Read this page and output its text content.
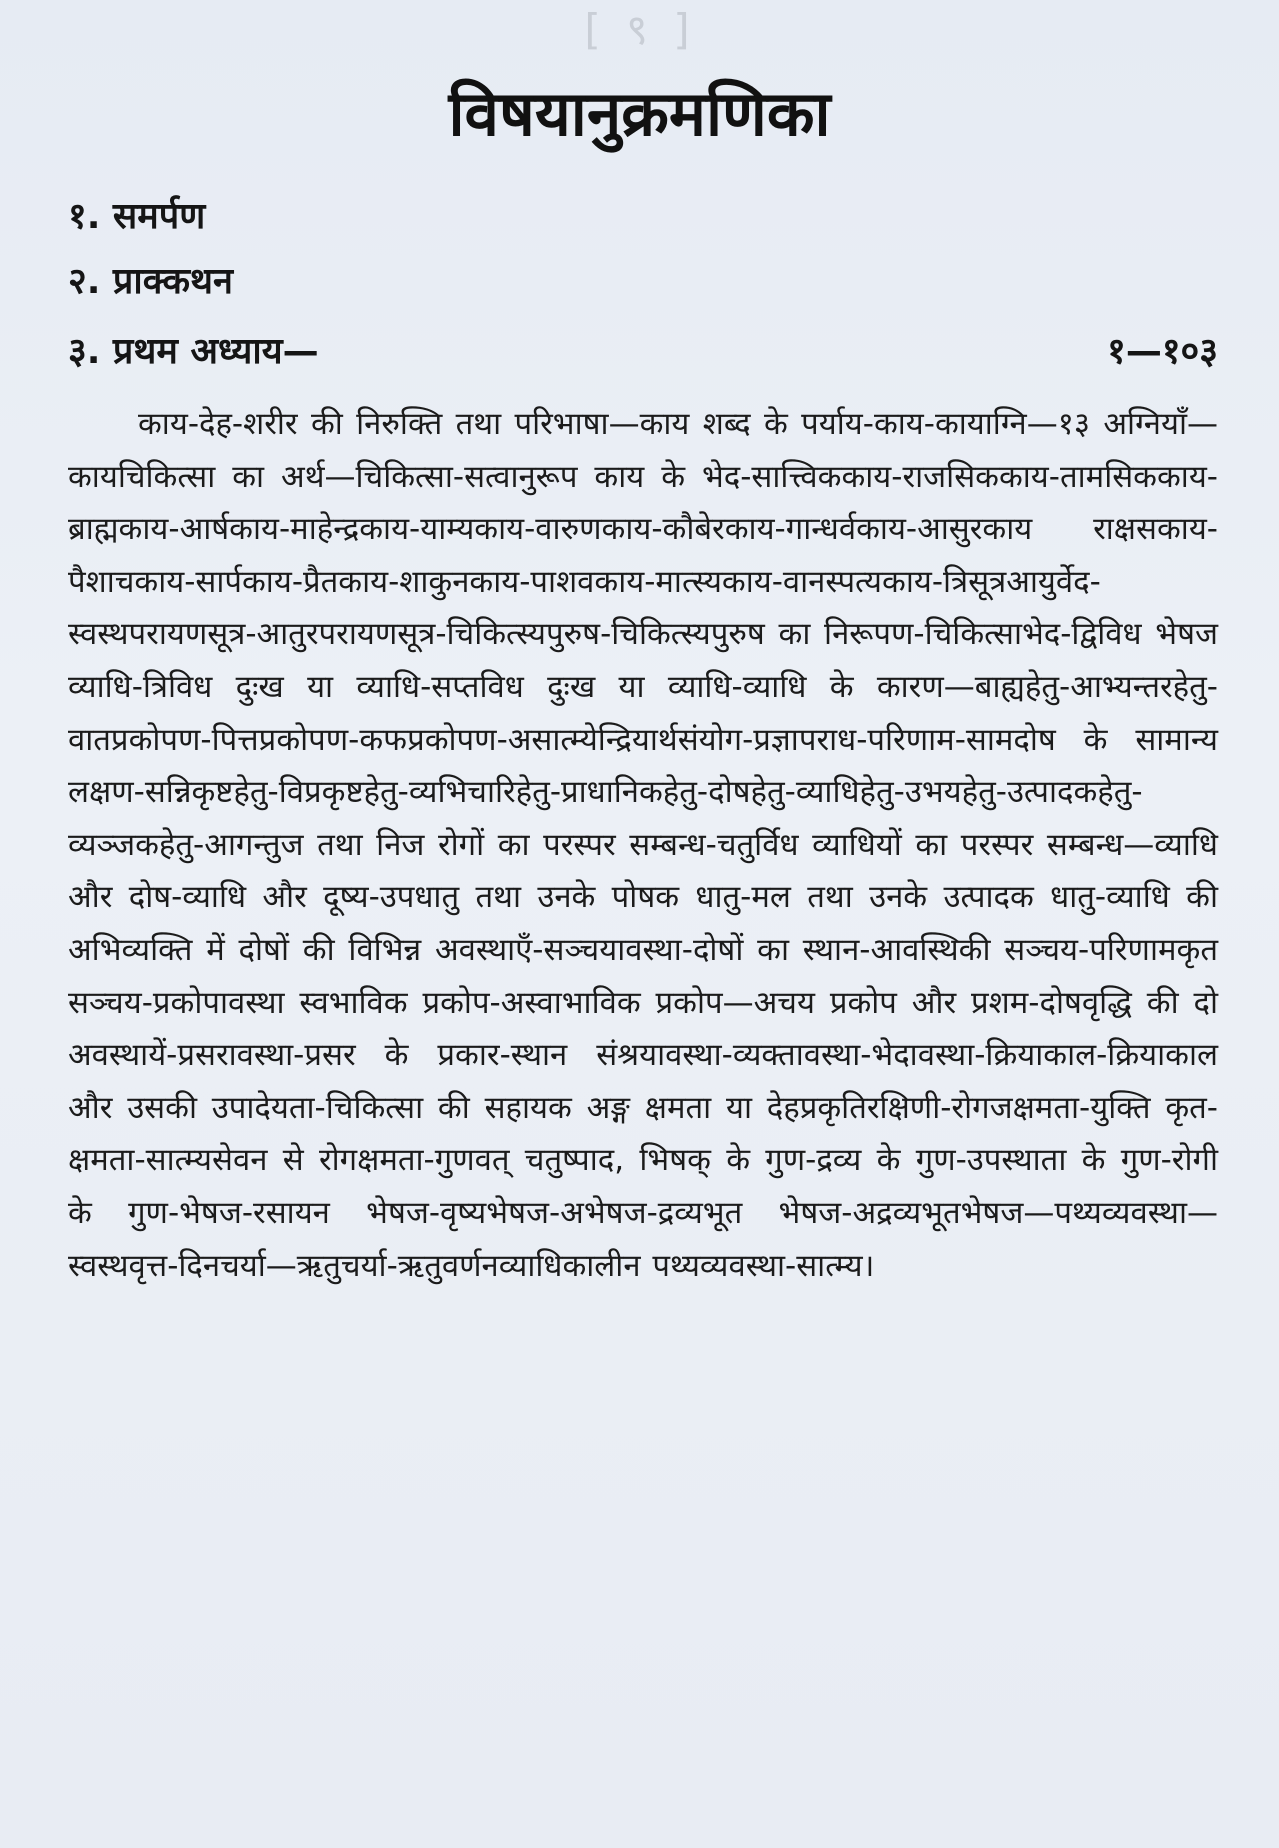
[ ९ ]
विषयानुक्रमणिका
१. समर्पण
२. प्राक्कथन
३. प्रथम अध्याय—	१—१०३

काय-देह-शरीर की निरुक्ति तथा परिभाषा—काय शब्द के पर्याय-काय-कायाग्नि—१३ अग्नियाँ—कायचिकित्सा का अर्थ—चिकित्सा-सत्वानुरूप काय के भेद-सात्त्विककाय-राजसिककाय-तामसिककाय-ब्राह्मकाय-आर्षकाय-माहेन्द्रकाय-याम्यकाय-वारुणकाय-कौबेरकाय-गान्धर्वकाय-आसुरकाय राक्षसकाय-पैशाचकाय-सार्पकाय-प्रैतकाय-शाकुनकाय-पाशवकाय-मात्स्यकाय-वानस्पत्यकाय-त्रिसूत्रआयुर्वेद-स्वस्थपरायणसूत्र-आतुरपरायणसूत्र-चिकित्स्यपुरुष-चिकित्स्यपुरुष का निरूपण-चिकित्साभेद-द्विविध भेषज व्याधि-त्रिविध दुःख या व्याधि-सप्तविध दुःख या व्याधि-व्याधि के कारण—बाह्यहेतु-आभ्यन्तरहेतु-वातप्रकोपण-पित्तप्रकोपण-कफप्रकोपण-असात्म्येन्द्रियार्थसंयोग-प्रज्ञापराध-परिणाम-सामदोष के सामान्य लक्षण-सन्निकृष्टहेतु-विप्रकृष्टहेतु-व्यभिचारिहेतु-प्राधानिकहेतु-दोषहेतु-व्याधिहेतु-उभयहेतु-उत्पादकहेतु-व्यञ्जकहेतु-आगन्तुज तथा निज रोगों का परस्पर सम्बन्ध-चतुर्विध व्याधियों का परस्पर सम्बन्ध—व्याधि और दोष-व्याधि और दूष्य-उपधातु तथा उनके पोषक धातु-मल तथा उनके उत्पादक धातु-व्याधि की अभिव्यक्ति में दोषों की विभिन्न अवस्थाएँ-सञ्चयावस्था-दोषों का स्थान-आवस्थिकी सञ्चय-परिणामकृत सञ्चय-प्रकोपावस्था स्वभाविक प्रकोप-अस्वाभाविक प्रकोप—अचय प्रकोप और प्रशम-दोषवृद्धि की दो अवस्थायें-प्रसरावस्था-प्रसर के प्रकार-स्थान संश्रयावस्था-व्यक्तावस्था-भेदावस्था-क्रियाकाल-क्रियाकाल और उसकी उपादेयता-चिकित्सा की सहायक अङ्ग क्षमता या देहप्रकृतिरक्षिणी-रोगजक्षमता-युक्ति कृत-क्षमता-सात्म्यसेवन से रोगक्षमता-गुणवत् चतुष्पाद, भिषक् के गुण-द्रव्य के गुण-उपस्थाता के गुण-रोगी के गुण-भेषज-रसायन भेषज-वृष्यभेषज-अभेषज-द्रव्यभूत भेषज-अद्रव्यभूतभेषज—पथ्यव्यवस्था—स्वस्थवृत्त-दिनचर्या—ऋतुचर्या-ऋतुवर्णनव्याधिकालीन पथ्यव्यवस्था-सात्म्य।
